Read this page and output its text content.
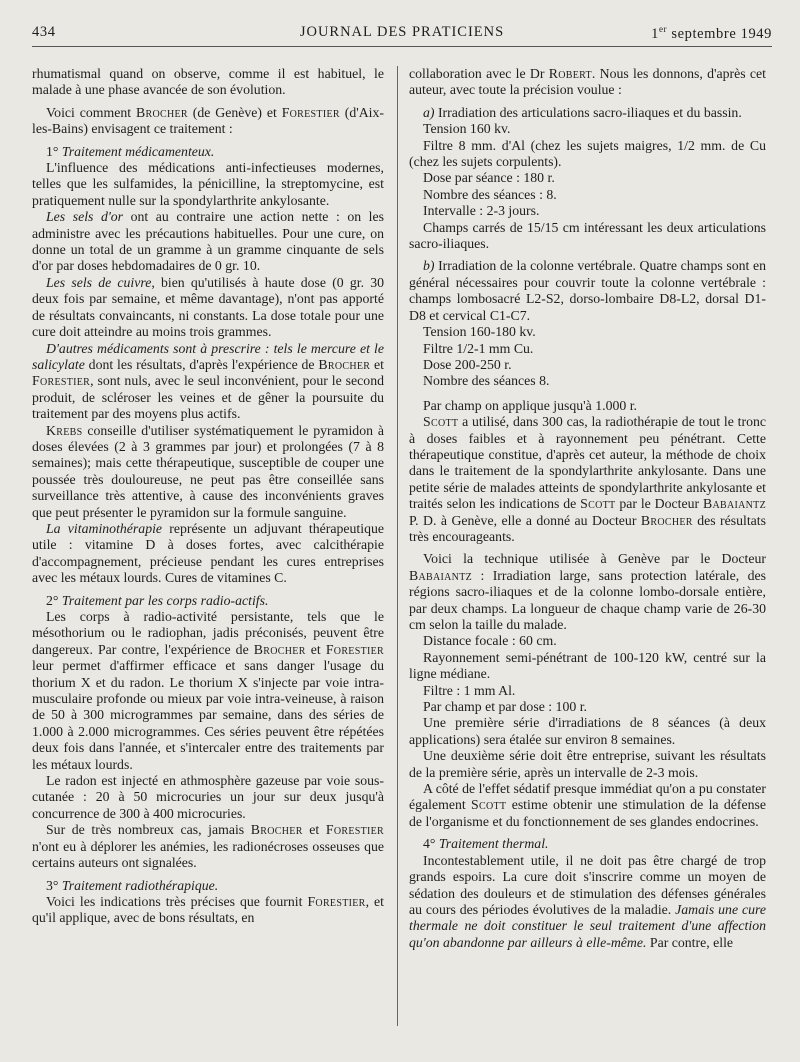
434	JOURNAL DES PRATICIENS	1er septembre 1949

rhumatismal quand on observe, comme il est habituel, le malade à une phase avancée de son évolution.

Voici comment Brocher (de Genève) et Forestier (d'Aix-les-Bains) envisagent ce traitement :

1° Traitement médicamenteux.

L'influence des médications anti-infectieuses modernes, telles que les sulfamides, la pénicilline, la streptomycine, est pratiquement nulle sur la spondylarthrite ankylosante.

Les sels d'or ont au contraire une action nette : on les administre avec les précautions habituelles. Pour une cure, on donne un total de un gramme à un gramme cinquante de sels d'or par doses hebdomadaires de 0 gr. 10.

Les sels de cuivre, bien qu'utilisés à haute dose (0 gr. 30 deux fois par semaine, et même davantage), n'ont pas apporté de résultats convaincants, ni constants. La dose totale pour une cure doit atteindre au moins trois grammes.

D'autres médicaments sont à prescrire : tels le mercure et le salicylate dont les résultats, d'après l'expérience de Brocher et Forestier, sont nuls, avec le seul inconvénient, pour le second produit, de scléroser les veines et de gêner la poursuite du traitement par des moyens plus actifs.

Krebs conseille d'utiliser systématiquement le pyramidon à doses élevées (2 à 3 grammes par jour) et prolongées (7 à 8 semaines); mais cette thérapeutique, susceptible de couper une poussée très douloureuse, ne peut pas être conseillée sans surveillance très attentive, à cause des inconvénients graves que peut présenter le pyramidon sur la formule sanguine.

La vitaminothérapie représente un adjuvant thérapeutique utile : vitamine D à doses fortes, avec calcithérapie d'accompagnement, précieuse pendant les cures entreprises avec les métaux lourds. Cures de vitamines C.

2° Traitement par les corps radio-actifs.

Les corps à radio-activité persistante, tels que le mésothorium ou le radiophan, jadis préconisés, peuvent être dangereux. Par contre, l'expérience de Brocher et Forestier leur permet d'affirmer efficace et sans danger l'usage du thorium X et du radon. Le thorium X s'injecte par voie intra-musculaire profonde ou mieux par voie intra-veineuse, à raison de 50 à 300 microgrammes par semaine, dans des séries de 1.000 à 2.000 microgrammes. Ces séries peuvent être répétées deux fois dans l'année, et s'intercaler entre des traitements par les métaux lourds.

Le radon est injecté en athmosphère gazeuse par voie sous-cutanée : 20 à 50 microcuries un jour sur deux jusqu'à concurrence de 300 à 400 microcuries.

Sur de très nombreux cas, jamais Brocher et Forestier n'ont eu à déplorer les anémies, les radionécroses osseuses que certains auteurs ont signalées.

3° Traitement radiothérapique.

Voici les indications très précises que fournit Forestier, et qu'il applique, avec de bons résultats, en

collaboration avec le Dr Robert. Nous les donnons, d'après cet auteur, avec toute la précision voulue :

a) Irradiation des articulations sacro-iliaques et du bassin.

Tension 160 kv.

Filtre 8 mm. d'Al (chez les sujets maigres, 1/2 mm. de Cu (chez les sujets corpulents).

Dose par séance : 180 r.

Nombre des séances : 8.

Intervalle : 2-3 jours.

Champs carrés de 15/15 cm intéressant les deux articulations sacro-iliaques.

b) Irradiation de la colonne vertébrale. Quatre champs sont en général nécessaires pour couvrir toute la colonne vertébrale : champs lombosacré L2-S2, dorso-lombaire D8-L2, dorsal D1-D8 et cervical C1-C7.

Tension 160-180 kv.

Filtre 1/2-1 mm Cu.

Dose 200-250 r.

Nombre des séances 8.

Par champ on applique jusqu'à 1.000 r.

Scott a utilisé, dans 300 cas, la radiothérapie de tout le tronc à doses faibles et à rayonnement peu pénétrant. Cette thérapeutique constitue, d'après cet auteur, la méthode de choix dans le traitement de la spondylarthrite ankylosante. Dans une petite série de malades atteints de spondylarthrite ankylosante et traités selon les indications de Scott par le Docteur Babaiantz P. D. à Genève, elle a donné au Docteur Brocher des résultats très encourageants.

Voici la technique utilisée à Genève par le Docteur Babaiantz : Irradiation large, sans protection latérale, des régions sacro-iliaques et de la colonne lombo-dorsale entière, par deux champs. La longueur de chaque champ varie de 26-30 cm selon la taille du malade.

Distance focale : 60 cm.

Rayonnement semi-pénétrant de 100-120 kW, centré sur la ligne médiane.

Filtre : 1 mm Al.

Par champ et par dose : 100 r.

Une première série d'irradiations de 8 séances (à deux applications) sera étalée sur environ 8 semaines.

Une deuxième série doit être entreprise, suivant les résultats de la première série, après un intervalle de 2-3 mois.

A côté de l'effet sédatif presque immédiat qu'on a pu constater également Scott estime obtenir une stimulation de la défense de l'organisme et du fonctionnement de ses glandes endocrines.

4° Traitement thermal.

Incontestablement utile, il ne doit pas être chargé de trop grands espoirs. La cure doit s'inscrire comme un moyen de sédation des douleurs et de stimulation des défenses générales au cours des périodes évolutives de la maladie. Jamais une cure thermale ne doit constituer le seul traitement d'une affection qu'on abandonne par ailleurs à elle-même. Par contre, elle
